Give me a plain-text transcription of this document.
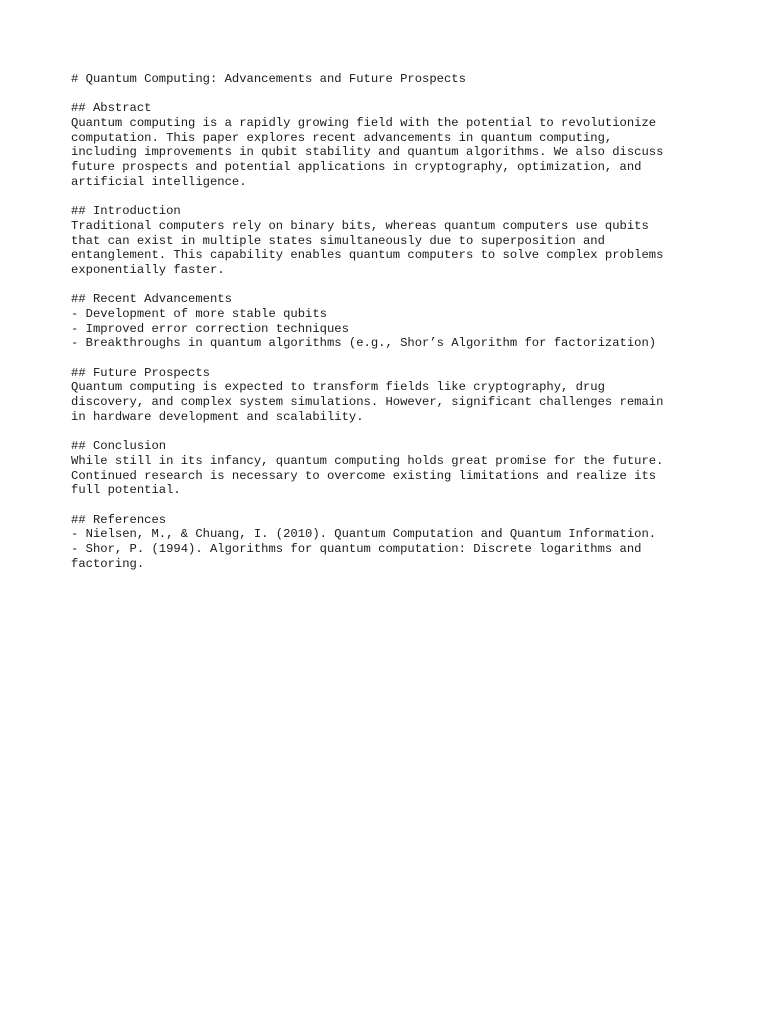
# Quantum Computing: Advancements and Future Prospects
## Abstract
Quantum computing is a rapidly growing field with the potential to revolutionize
computation. This paper explores recent advancements in quantum computing,
including improvements in qubit stability and quantum algorithms. We also discuss
future prospects and potential applications in cryptography, optimization, and
artificial intelligence.
## Introduction
Traditional computers rely on binary bits, whereas quantum computers use qubits
that can exist in multiple states simultaneously due to superposition and
entanglement. This capability enables quantum computers to solve complex problems
exponentially faster.
## Recent Advancements
- Development of more stable qubits
- Improved error correction techniques
- Breakthroughs in quantum algorithms (e.g., Shor’s Algorithm for factorization)
## Future Prospects
Quantum computing is expected to transform fields like cryptography, drug
discovery, and complex system simulations. However, significant challenges remain
in hardware development and scalability.
## Conclusion
While still in its infancy, quantum computing holds great promise for the future.
Continued research is necessary to overcome existing limitations and realize its
full potential.
## References
- Nielsen, M., & Chuang, I. (2010). Quantum Computation and Quantum Information.
- Shor, P. (1994). Algorithms for quantum computation: Discrete logarithms and
factoring.
